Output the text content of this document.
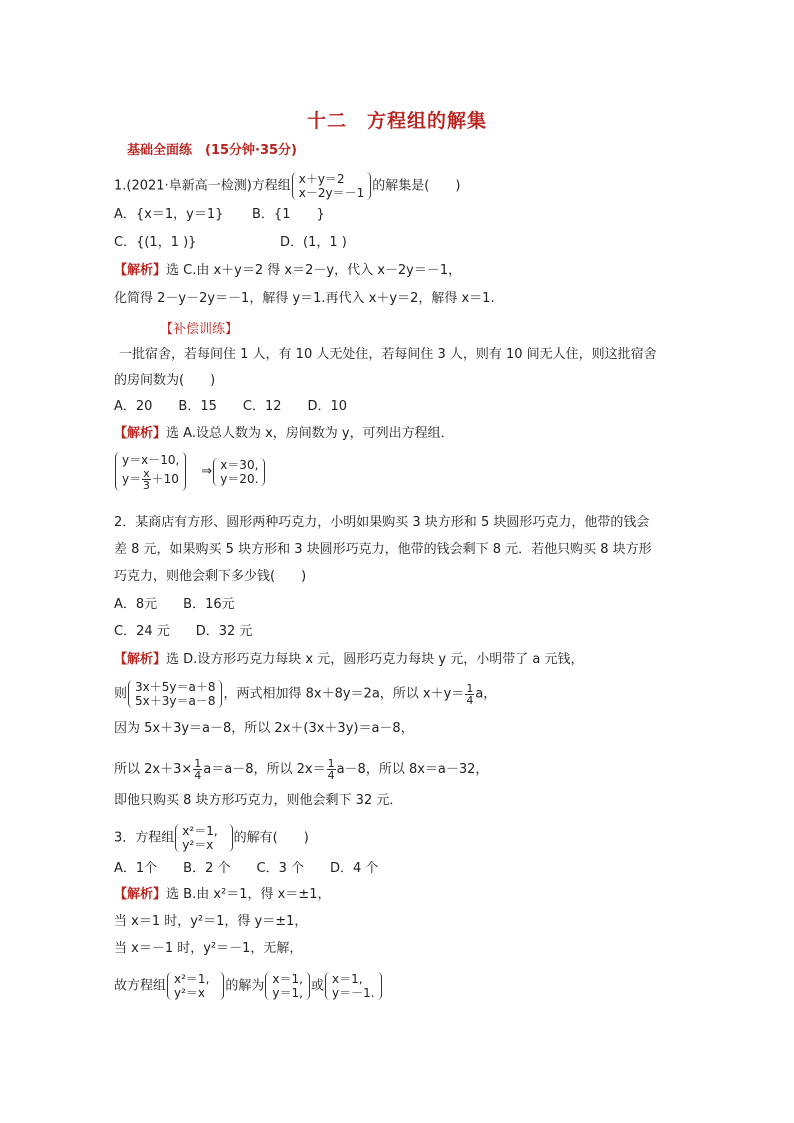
十二　方程组的解集
基础全面练　(15分钟·35分)
1.(2021·阜新高一检测)方程组 x＋y＝2
x－2y＝－1 的解集是(　　)
A．{x＝1，y＝1} B．{1　　}
C．{(1，1 )}	D．(1，1 )
【解析】选 C.由 x＋y＝2 得 x＝2－y，代入 x－2y＝－1，
化简得 2－y－2y＝－1，解得 y＝1.再代入 x＋y＝2，解得 x＝1.
【补偿训练】
一批宿舍，若每间住 1 人，有 10 人无处住，若每间住 3 人，则有 10 间无人住，则这批宿舍
的房间数为(　　)
A．20　　B．15　　C．12　　D．10
【解析】选 A.设总人数为 x，房间数为 y，可列出方程组．
y＝x－10,
$y= \frac{x}{3} +10$ ⇒ x＝30,
y＝20.
2．某商店有方形、圆形两种巧克力，小明如果购买 3 块方形和 5 块圆形巧克力，他带的钱会
差 8 元，如果购买 5 块方形和 3 块圆形巧克力，他带的钱会剩下 8 元．若他只购买 8 块方形
巧克力，则他会剩下多少钱(　　)
A．8元　　B．16元
C．24 元　　D．32 元
【解析】选 D.设方形巧克力每块 x 元，圆形巧克力每块 y 元，小明带了 a 元钱，
则 3x＋5y＝a＋8
5x＋3y＝a－8 ，两式相加得 8x＋8y＝2a，所以 $x+y= \frac{1}{4}$ a，
因为 5x＋3y＝a－8，所以 2x＋(3x＋3y)＝a－8，
所以 $2x+3\times \frac{1}{4} a=a-8$，所以 $2x= \frac{1}{4} a-8$，所以 8x＝a－32，
即他只购买 8 块方形巧克力，则他会剩下 32 元．
3．方程组 x²＝1,
y²＝x	的解有(　　)
A．1个　　B．2 个　　C．3 个　　D．4 个
【解析】选 B.由 x²＝1，得 x＝±1，
当 x＝1 时，y²＝1，得 y＝±1，
当 x＝－1 时，y²＝－1，无解，
故方程组 x²＝1,
y²＝x	的解为 x＝1,
y＝1, 或 x＝1,
y＝－1.
